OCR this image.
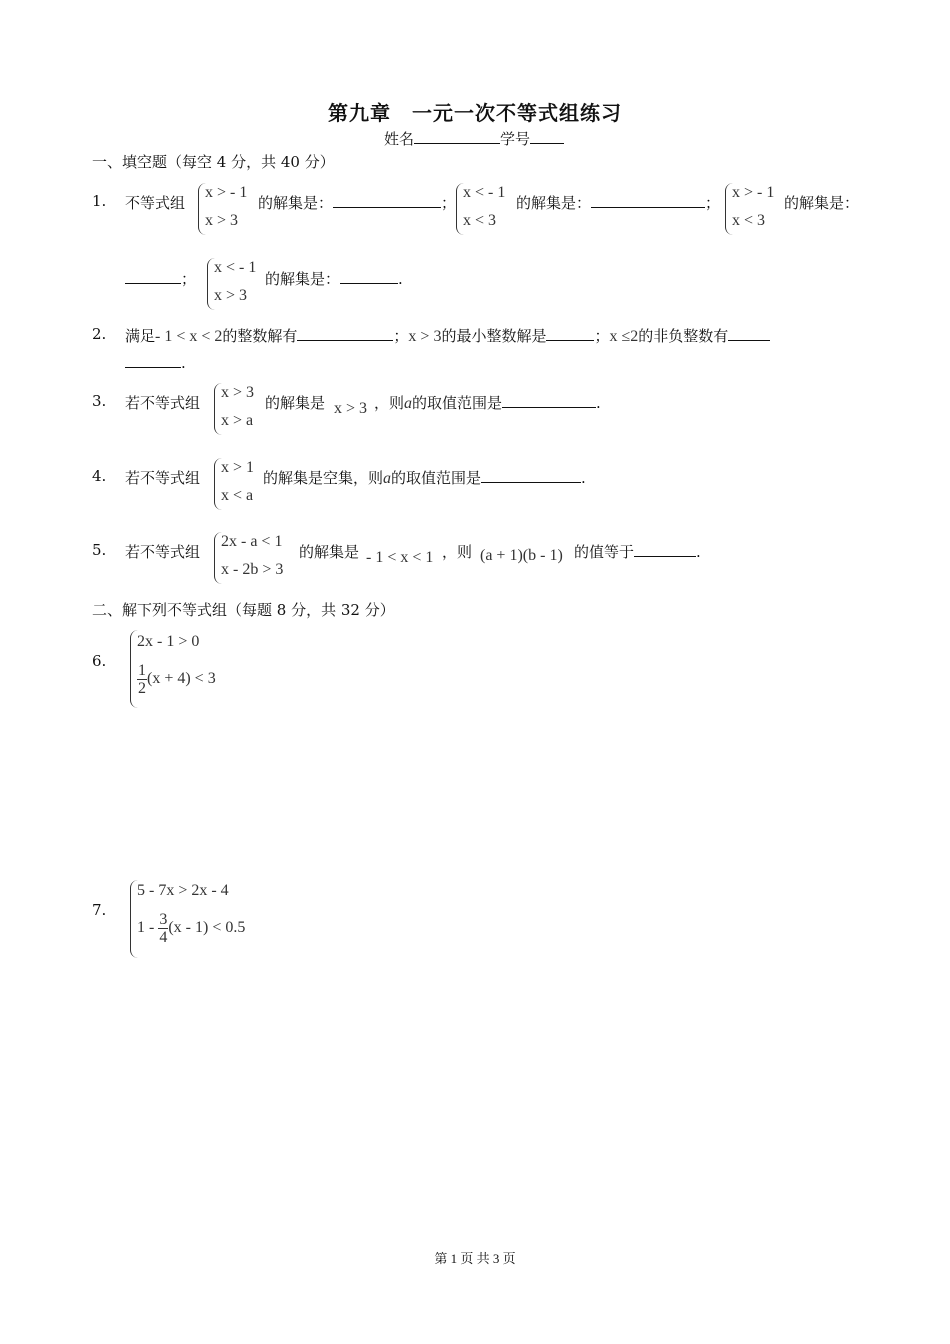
第九章　一元一次不等式组练习
姓名	学号
一、填空题（每空 4 分，共 40 分）
1. 不等式组
x > - 1
x > 3
的解集是：	；
x < - 1
x < 3
的解集是：	；
x > - 1
x < 3
的解集是：
；
x < - 1
x > 3
的解集是：	.
2. 满足- 1 < x < 2的整数解有	；x > 3的最小整数解是	；x ≤2的非负整数有
.
3. 若不等式组
x > 3
x > a
的解集是 x > 3 ，则a的取值范围是	.
4. 若不等式组
x > 1
x < a
的解集是空集，则a的取值范围是	.
5. 若不等式组
2x - a < 1
x - 2b > 3
的解集是 - 1 < x < 1 ，则 (a + 1)(b - 1) 的值等于	.
二、解下列不等式组（每题 8 分，共 32 分）
6.
2x - 1 > 0
$\frac{1}{2} (x + 4) < 3$
7.
5 - 7x > 2x - 4
$1 - \frac{3}{4} (x - 1) < 0.5$
第 1 页 共 3 页
